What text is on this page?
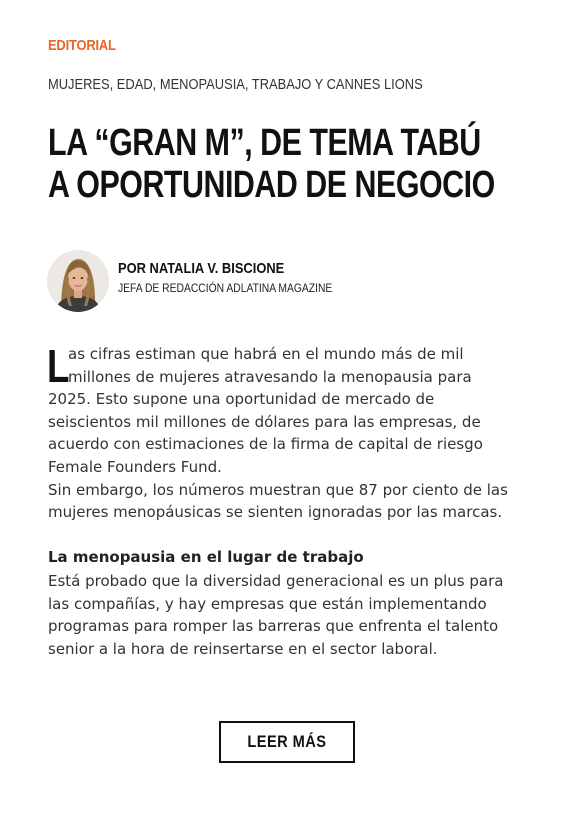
EDITORIAL
MUJERES, EDAD, MENOPAUSIA, TRABAJO Y CANNES LIONS
LA “GRAN M”, DE TEMA TABÚ
A OPORTUNIDAD DE NEGOCIO
POR NATALIA V. BISCIONE
JEFA DE REDACCIÓN ADLATINA MAGAZINE

L
as cifras estiman que habrá en el mundo más de mil
millones de mujeres atravesando la menopausia para
2025. Esto supone una oportunidad de mercado de
seiscientos mil millones de dólares para las empresas, de
acuerdo con estimaciones de la firma de capital de riesgo
Female Founders Fund.

Sin embargo, los números muestran que 87 por ciento de las
mujeres menopáusicas se sienten ignoradas por las marcas.

La menopausia en el lugar de trabajo

Está probado que la diversidad generacional es un plus para
las compañías, y hay empresas que están implementando
programas para romper las barreras que enfrenta el talento
senior a la hora de reinsertarse en el sector laboral.

LEER MÁS
